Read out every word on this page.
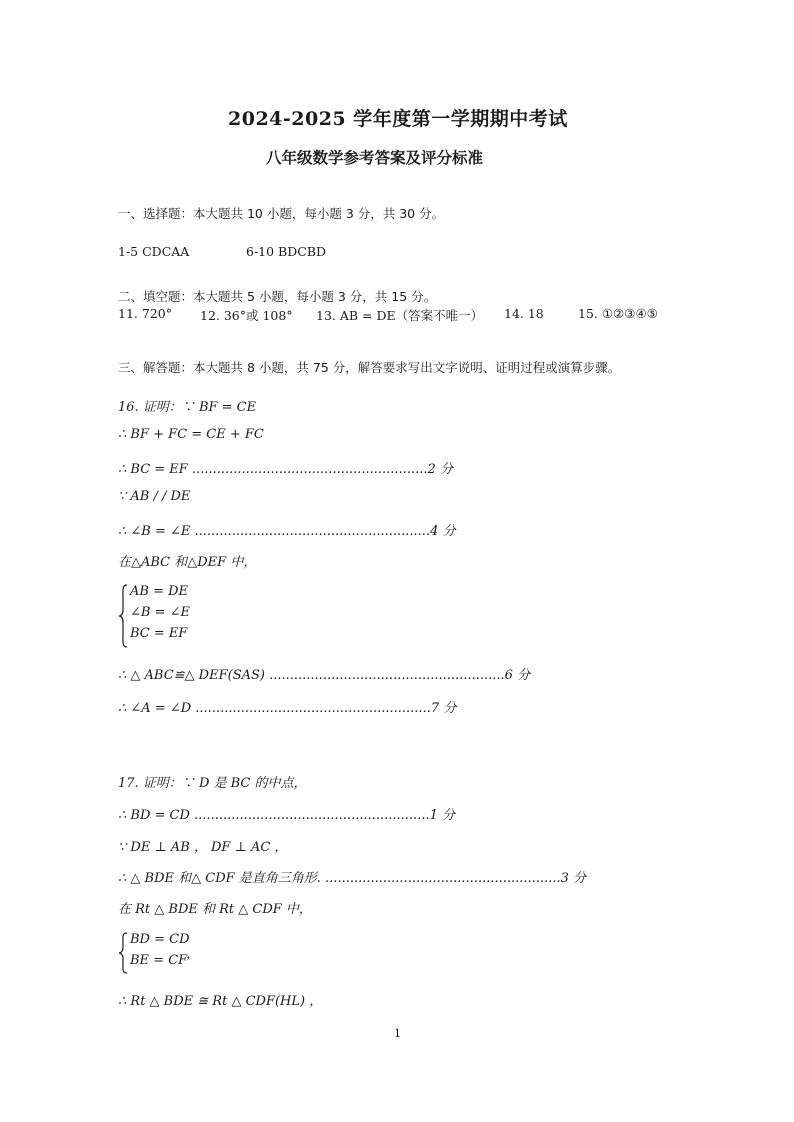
2024-2025 学年度第一学期期中考试
八年级数学参考答案及评分标准
一、选择题：本大题共 10 小题，每小题 3 分，共 30 分。
1-5 CDCAA	6-10 BDCBD
二、填空题：本大题共 5 小题，每小题 3 分，共 15 分。
11. 720° 12. 36°或 108° 13. AB = DE（答案不唯一） 14. 18	15. ①②③④⑤
三、解答题：本大题共 8 小题，共 75 分，解答要求写出文字说明、证明过程或演算步骤。
16. 证明：∵ BF = CE
∴ BF + FC = CE + FC
∴ BC = EF .........................................................2 分
∵ AB / / DE
∴ ∠B = ∠E .........................................................4 分
在△ABC 和△DEF 中，
AB = DE
∠B = ∠E
BC = EF
∴ △ ABC≌△ DEF(SAS) .........................................................6 分
∴ ∠A = ∠D .........................................................7 分
17. 证明：∵ D 是 BC 的中点，
∴ BD = CD .........................................................1 分
∵ DE ⊥ AB ， DF ⊥ AC ，
∴ △ BDE 和△ CDF 是直角三角形. .........................................................3 分
在 Rt △ BDE 和 Rt △ CDF 中，
BD = CD
BE = CF
，
∴ Rt △ BDE ≅ Rt △ CDF(HL) ，
1
